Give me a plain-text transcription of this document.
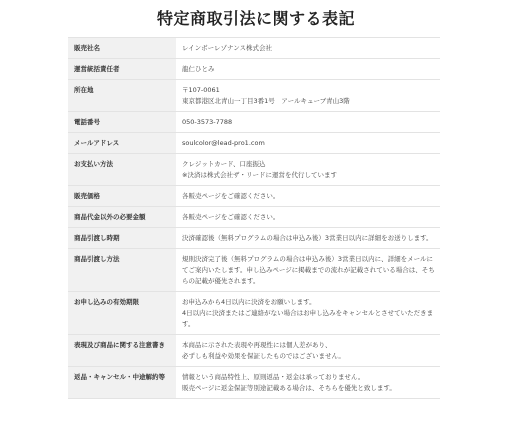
特定商取引法に関する表記
販売社名	レインボーレゾナンス株式会社

運営統括責任者	龍仁ひとみ

所在地	〒107-0061
東京都港区北青山一丁目3番1号　アールキューブ青山3階

電話番号	050-3573-7788

メールアドレス	soulcolor@lead-pro1.com

お支払い方法	クレジットカード、口座振込
※決済は株式会社ザ・リードに運営を代行しています

販売価格	各販売ページをご確認ください。

商品代金以外の必要金額	各販売ページをご確認ください。

商品引渡し時期	決済確認後（無料プログラムの場合は申込み後）3営業日以内に詳細をお送りします。

商品引渡し方法	規則決済完了後（無料プログラムの場合は申込み後）3営業日以内に、詳細をメールにてご案内いたします。申し込みページに掲載までの流れが記載されている場合は、そちらの記載が優先されます。

お申し込みの有効期限	お申込みから4日以内に決済をお願いします。
4日以内に決済またはご連絡がない場合はお申し込みをキャンセルとさせていただきます。

表現及び商品に関する注意書き	本商品に示された表現や再現性には個人差があり、
必ずしも利益や効果を保証したものではございません。

返品・キャンセル・中途解約等	情報という商品特性上、原則返品・返金は承っておりません。
販売ページに返金保証等別途記載ある場合は、そちらを優先と致します。
